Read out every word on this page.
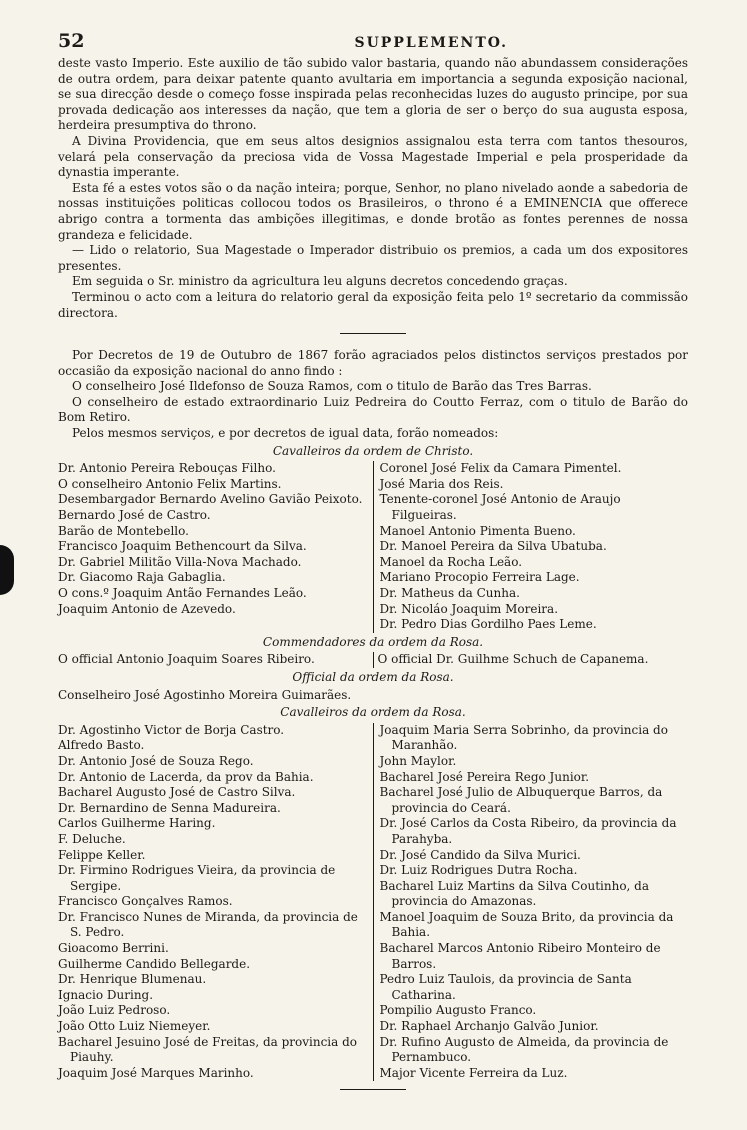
52	SUPPLEMENTO.

deste vasto Imperio. Este auxilio de tão subido valor bastaria, quando não abundassem considerações de outra ordem, para deixar patente quanto avultaria em importancia a segunda exposição nacional, se sua direcção desde o começo fosse inspirada pelas reconhecidas luzes do augusto principe, por sua provada dedicação aos interesses da nação, que tem a gloria de ser o berço do sua augusta esposa, herdeira presumptiva do throno.

A Divina Providencia, que em seus altos designios assignalou esta terra com tantos thesouros, velará pela conservação da preciosa vida de Vossa Magestade Imperial e pela prosperidade da dynastia imperante.

Esta fé a estes votos são o da nação inteira; porque, Senhor, no plano nivelado aonde a sabedoria de nossas instituições politicas collocou todos os Brasileiros, o throno é a EMINENCIA que offerece abrigo contra a tormenta das ambições illegitimas, e donde brotão as fontes perennes de nossa grandeza e felicidade.

— Lido o relatorio, Sua Magestade o Imperador distribuio os premios, a cada um dos expositores presentes.

Em seguida o Sr. ministro da agricultura leu alguns decretos concedendo graças.

Terminou o acto com a leitura do relatorio geral da exposição feita pelo 1º secretario da commissão directora.

Por Decretos de 19 de Outubro de 1867 forão agraciados pelos distinctos serviços prestados por occasião da exposição nacional do anno findo :

O conselheiro José Ildefonso de Souza Ramos, com o titulo de Barão das Tres Barras.

O conselheiro de estado extraordinario Luiz Pedreira do Coutto Ferraz, com o titulo de Barão do Bom Retiro.

Pelos mesmos serviços, e por decretos de igual data, forão nomeados:

Cavalleiros da ordem de Christo.
Dr. Antonio Pereira Rebouças Filho.
O conselheiro Antonio Felix Martins.
Desembargador Bernardo Avelino Gavião Peixoto.
Bernardo José de Castro.
Barão de Montebello.
Francisco Joaquim Bethencourt da Silva.
Dr. Gabriel Militão Villa-Nova Machado.
Dr. Giacomo Raja Gabaglia.
O cons.º Joaquim Antão Fernandes Leão.
Joaquim Antonio de Azevedo.
Coronel José Felix da Camara Pimentel.
José Maria dos Reis.
Tenente-coronel José Antonio de Araujo Filgueiras.
Manoel Antonio Pimenta Bueno.
Dr. Manoel Pereira da Silva Ubatuba.
Manoel da Rocha Leão.
Mariano Procopio Ferreira Lage.
Dr. Matheus da Cunha.
Dr. Nicoláo Joaquim Moreira.
Dr. Pedro Dias Gordilho Paes Leme.
Commendadores da ordem da Rosa.
O official Antonio Joaquim Soares Ribeiro.	O official Dr. Guilhme Schuch de Capanema.
Official da ordem da Rosa.
Conselheiro José Agostinho Moreira Guimarães.
Cavalleiros da ordem da Rosa.
Dr. Agostinho Victor de Borja Castro.
Alfredo Basto.
Dr. Antonio José de Souza Rego.
Dr. Antonio de Lacerda, da prov da Bahia.
Bacharel Augusto José de Castro Silva.
Dr. Bernardino de Senna Madureira.
Carlos Guilherme Haring.
F. Deluche.
Felippe Keller.
Dr. Firmino Rodrigues Vieira, da provincia de Sergipe.
Francisco Gonçalves Ramos.
Dr. Francisco Nunes de Miranda, da provincia de S. Pedro.
Gioacomo Berrini.
Guilherme Candido Bellegarde.
Dr. Henrique Blumenau.
Ignacio During.
João Luiz Pedroso.
João Otto Luiz Niemeyer.
Bacharel Jesuino José de Freitas, da provincia do Piauhy.
Joaquim José Marques Marinho.
Joaquim Maria Serra Sobrinho, da provincia do Maranhão.
John Maylor.
Bacharel José Pereira Rego Junior.
Bacharel José Julio de Albuquerque Barros, da provincia do Ceará.
Dr. José Carlos da Costa Ribeiro, da provincia da Parahyba.
Dr. José Candido da Silva Murici.
Dr. Luiz Rodrigues Dutra Rocha.
Bacharel Luiz Martins da Silva Coutinho, da provincia do Amazonas.
Manoel Joaquim de Souza Brito, da provincia da Bahia.
Bacharel Marcos Antonio Ribeiro Monteiro de Barros.
Pedro Luiz Taulois, da provincia de Santa Catharina.
Pompilio Augusto Franco.
Dr. Raphael Archanjo Galvão Junior.
Dr. Rufino Augusto de Almeida, da provincia de Pernambuco.
Major Vicente Ferreira da Luz.
